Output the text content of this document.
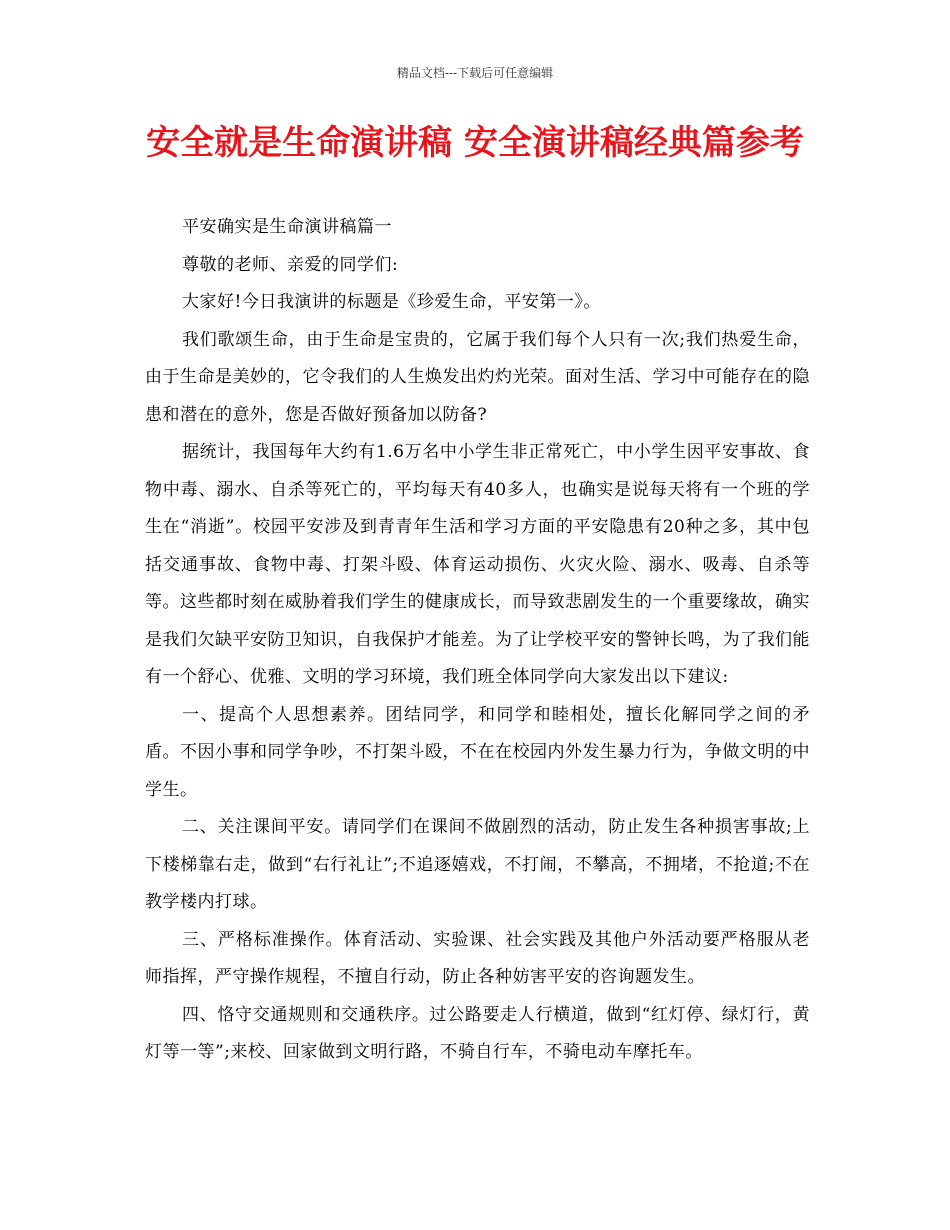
精品文档---下载后可任意编辑
安全就是生命演讲稿 安全演讲稿经典篇参考

平安确实是生命演讲稿篇一

尊敬的老师、亲爱的同学们:

大家好!今日我演讲的标题是《珍爱生命，平安第一》。

我们歌颂生命，由于生命是宝贵的，它属于我们每个人只有一次;我们热爱生命，由于生命是美妙的，它令我们的人生焕发出灼灼光荣。面对生活、学习中可能存在的隐患和潜在的意外，您是否做好预备加以防备?

据统计，我国每年大约有1.6万名中小学生非正常死亡，中小学生因平安事故、食物中毒、溺水、自杀等死亡的，平均每天有40多人，也确实是说每天将有一个班的学生在“消逝”。校园平安涉及到青青年生活和学习方面的平安隐患有20种之多，其中包括交通事故、食物中毒、打架斗殴、体育运动损伤、火灾火险、溺水、吸毒、自杀等等。这些都时刻在威胁着我们学生的健康成长，而导致悲剧发生的一个重要缘故，确实是我们欠缺平安防卫知识，自我保护才能差。为了让学校平安的警钟长鸣，为了我们能有一个舒心、优雅、文明的学习环境，我们班全体同学向大家发出以下建议:

一、提高个人思想素养。团结同学，和同学和睦相处，擅长化解同学之间的矛盾。不因小事和同学争吵，不打架斗殴，不在在校园内外发生暴力行为，争做文明的中学生。

二、关注课间平安。请同学们在课间不做剧烈的活动，防止发生各种损害事故;上下楼梯靠右走，做到“右行礼让”;不追逐嬉戏，不打闹，不攀高，不拥堵，不抢道;不在教学楼内打球。

三、严格标准操作。体育活动、实验课、社会实践及其他户外活动要严格服从老师指挥，严守操作规程，不擅自行动，防止各种妨害平安的咨询题发生。

四、恪守交通规则和交通秩序。过公路要走人行横道，做到“红灯停、绿灯行，黄灯等一等”;来校、回家做到文明行路，不骑自行车，不骑电动车摩托车。
